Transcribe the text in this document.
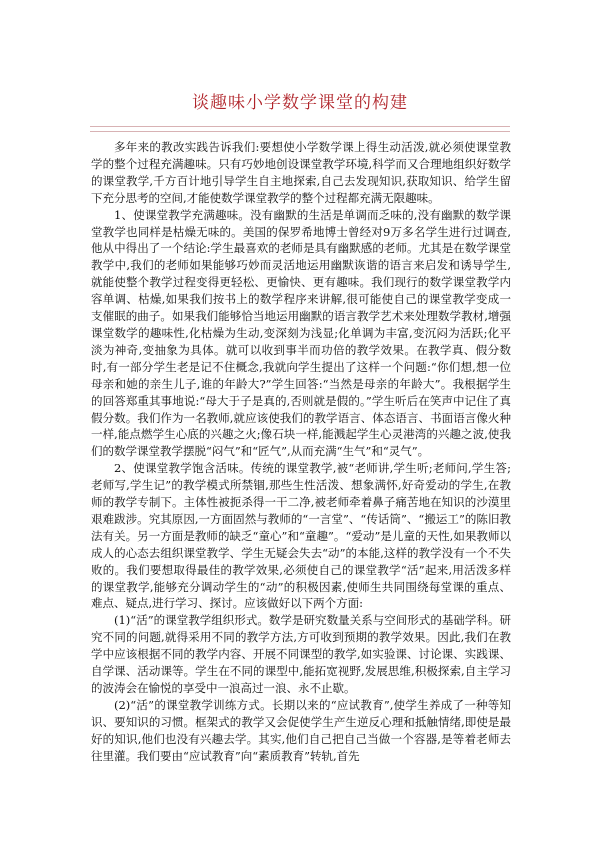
谈趣味小学数学课堂的构建

多年来的教改实践告诉我们:要想使小学数学课上得生动活泼,就必须使课堂教学的整个过程充满趣味。只有巧妙地创设课堂教学环境,科学而又合理地组织好数学的课堂教学,千方百计地引导学生自主地探索,自己去发现知识,获取知识、给学生留下充分思考的空间,才能使数学课堂教学的整个过程都充满无限趣味。

1、使课堂教学充满趣味。没有幽默的生活是单调而乏味的,没有幽默的数学课堂教学也同样是枯燥无味的。美国的保罗希地博士曾经对9万多名学生进行过调查,他从中得出了一个结论:学生最喜欢的老师是具有幽默感的老师。尤其是在数学课堂教学中,我们的老师如果能够巧妙而灵活地运用幽默诙谐的语言来启发和诱导学生,就能使整个教学过程变得更轻松、更愉快、更有趣味。我们现行的数学课堂教学内容单调、枯燥,如果我们按书上的数学程序来讲解,很可能使自己的课堂教学变成一支催眠的曲子。如果我们能够恰当地运用幽默的语言教学艺术来处理数学教材,增强课堂数学的趣味性,化枯燥为生动,变深刻为浅显;化单调为丰富,变沉闷为活跃;化平淡为神奇,变抽象为具体。就可以收到事半而功倍的教学效果。在教学真、假分数时,有一部分学生老是记不住概念,我就向学生提出了这样一个问题:“你们想,想一位母亲和她的亲生儿子,谁的年龄大?”学生回答:“当然是母亲的年龄大”。我根据学生的回答郑重其事地说:“母大于子是真的,否则就是假的。”学生听后在笑声中记住了真假分数。我们作为一名教师,就应该使我们的教学语言、体态语言、书面语言像火种一样,能点燃学生心底的兴趣之火;像石块一样,能溅起学生心灵港湾的兴趣之波,使我们的数学课堂教学摆脱“闷气”和“匠气”,从而充满“生气”和“灵气”。

2、使课堂教学饱含活味。传统的课堂教学,被“老师讲,学生听;老师问,学生答;老师写,学生记”的教学模式所禁锢,那些生性活泼、想象满怀,好奇爱动的学生,在教师的教学专制下。主体性被扼杀得一干二净,被老师牵着鼻子痛苦地在知识的沙漠里艰难跋涉。究其原因,一方面固然与教师的“一言堂”、“传话筒”、“搬运工”的陈旧教法有关。另一方面是教师的缺乏“童心”和“童趣”。“爱动”是儿童的天性,如果教师以成人的心态去组织课堂教学、学生无疑会失去“动”的本能,这样的教学没有一个不失败的。我们要想取得最佳的教学效果,必须使自己的课堂教学“活”起来,用活泼多样的课堂教学,能够充分调动学生的“动”的积极因素,使师生共同围绕每堂课的重点、难点、疑点,进行学习、探讨。应该做好以下两个方面:

(1)“活”的课堂教学组织形式。数学是研究数量关系与空间形式的基础学科。研究不同的问题,就得采用不同的教学方法,方可收到预期的教学效果。因此,我们在教学中应该根据不同的教学内容、开展不同课型的教学,如实验课、讨论课、实践课、自学课、活动课等。学生在不同的课型中,能拓宽视野,发展思维,积极探索,自主学习的波涛会在愉悦的享受中一浪高过一浪、永不止歇。

(2)“活”的课堂教学训练方式。长期以来的“应试教育”,使学生养成了一种等知识、要知识的习惯。框架式的教学又会促使学生产生逆反心理和抵触情绪,即使是最好的知识,他们也没有兴趣去学。其实,他们自己把自己当做一个容器,是等着老师去往里灌。我们要由“应试教育”向“素质教育”转轨,首先
